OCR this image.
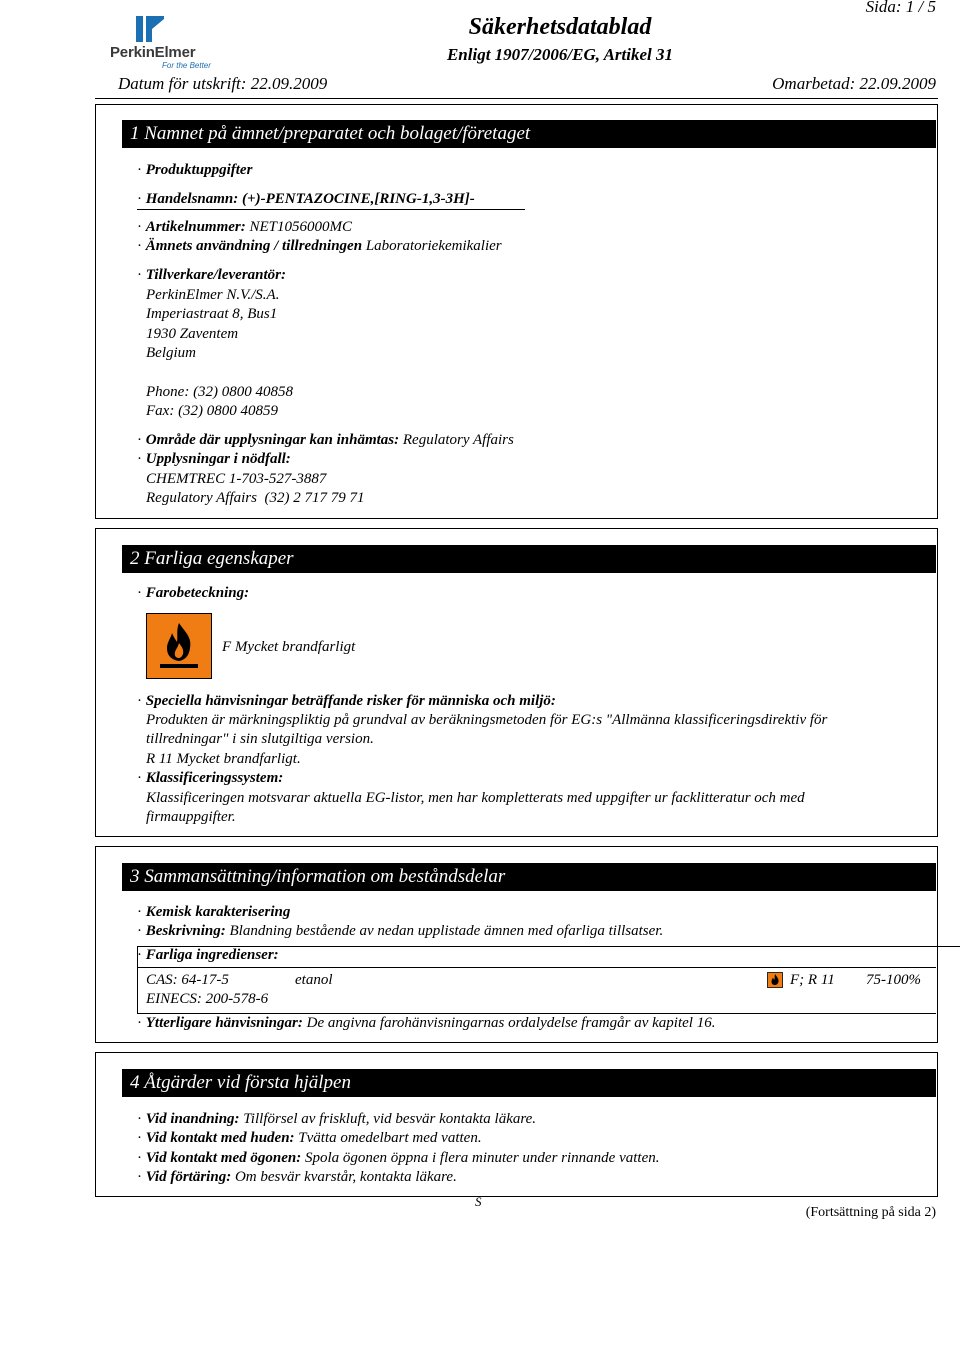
PerkinElmer
For the Better
Säkerhetsdatablad
Enligt 1907/2006/EG, Artikel 31
Sida: 1 / 5
Datum för utskrift: 22.09.2009	Omarbetad: 22.09.2009
1 Namnet på ämnet/preparatet och bolaget/företaget
· Produktuppgifter
· Handelsnamn: (+)-PENTAZOCINE,[RING-1,3-3H]-
· Artikelnummer: NET1056000MC
· Ämnets användning / tillredningen Laboratoriekemikalier
· Tillverkare/leverantör:
PerkinElmer N.V./S.A.
Imperiastraat 8, Bus1
1930 Zaventem
Belgium
Phone: (32) 0800 40858
Fax: (32) 0800 40859
· Område där upplysningar kan inhämtas: Regulatory Affairs
· Upplysningar i nödfall:
CHEMTREC 1-703-527-3887
Regulatory Affairs  (32) 2 717 79 71
2 Farliga egenskaper
· Farobeteckning:
F Mycket brandfarligt
· Speciella hänvisningar beträffande risker för människa och miljö:
Produkten är märkningspliktig på grundval av beräkningsmetoden för EG:s "Allmänna klassificeringsdirektiv för
tillredningar" i sin slutgiltiga version.
R 11 Mycket brandfarligt.
· Klassificeringssystem:
Klassificeringen motsvarar aktuella EG-listor, men har kompletterats med uppgifter ur facklitteratur och med
firmauppgifter.
3 Sammansättning/information om beståndsdelar
· Kemisk karakterisering
· Beskrivning: Blandning bestående av nedan upplistade ämnen med ofarliga tillsatser.
· Farliga ingredienser:
CAS: 64-17-5
EINECS: 200-578-6
etanol	F; R 11 75-100%
· Ytterligare hänvisningar: De angivna farohänvisningarnas ordalydelse framgår av kapitel 16.
4 Åtgärder vid första hjälpen
· Vid inandning: Tillförsel av friskluft, vid besvär kontakta läkare.
· Vid kontakt med huden: Tvätta omedelbart med vatten.
· Vid kontakt med ögonen: Spola ögonen öppna i flera minuter under rinnande vatten.
· Vid förtäring: Om besvär kvarstår, kontakta läkare.
S
(Fortsättning på sida 2)
